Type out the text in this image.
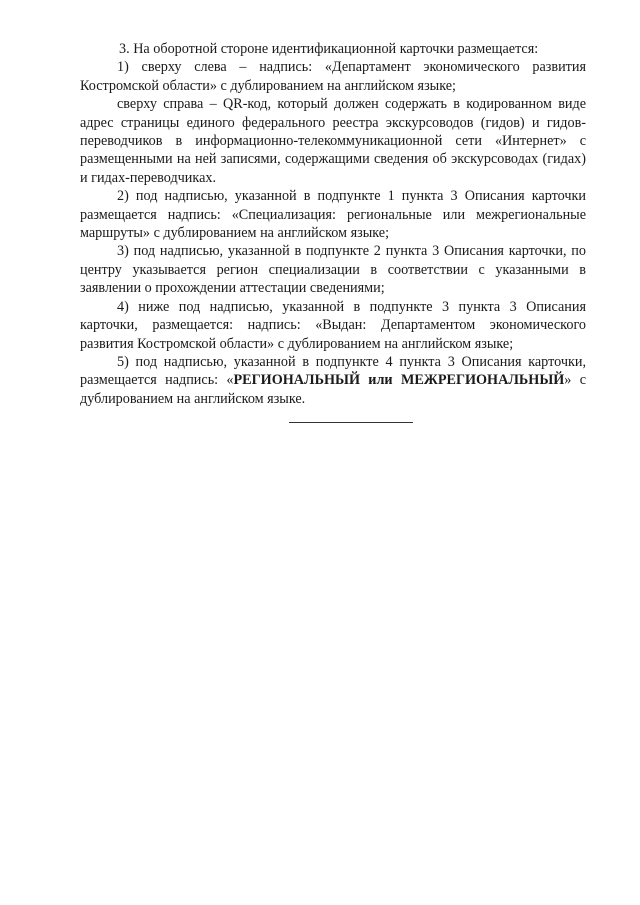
3. На оборотной стороне идентификационной карточки размещается:

1) сверху слева – надпись: «Департамент экономического развития Костромской области» с дублированием на английском языке;

сверху справа – QR-код, который должен содержать в кодированном виде адрес страницы единого федерального реестра экскурсоводов (гидов) и гидов-переводчиков в информационно-телекоммуникационной сети «Интернет» с размещенными на ней записями, содержащими сведения об экскурсоводах (гидах) и гидах-переводчиках.

2) под надписью, указанной в подпункте 1 пункта 3 Описания карточки размещается надпись: «Специализация: региональные или межрегиональные маршруты» с дублированием на английском языке;

3) под надписью, указанной в подпункте 2 пункта 3 Описания карточки, по центру указывается регион специализации в соответствии с указанными в заявлении о прохождении аттестации сведениями;

4) ниже под надписью, указанной в подпункте 3 пункта 3 Описания карточки, размещается: надпись: «Выдан: Департаментом экономического развития Костромской области» с дублированием на английском языке;

5) под надписью, указанной в подпункте 4 пункта 3 Описания карточки, размещается надпись: «РЕГИОНАЛЬНЫЙ или МЕЖРЕГИОНАЛЬНЫЙ» с дублированием на английском языке.
